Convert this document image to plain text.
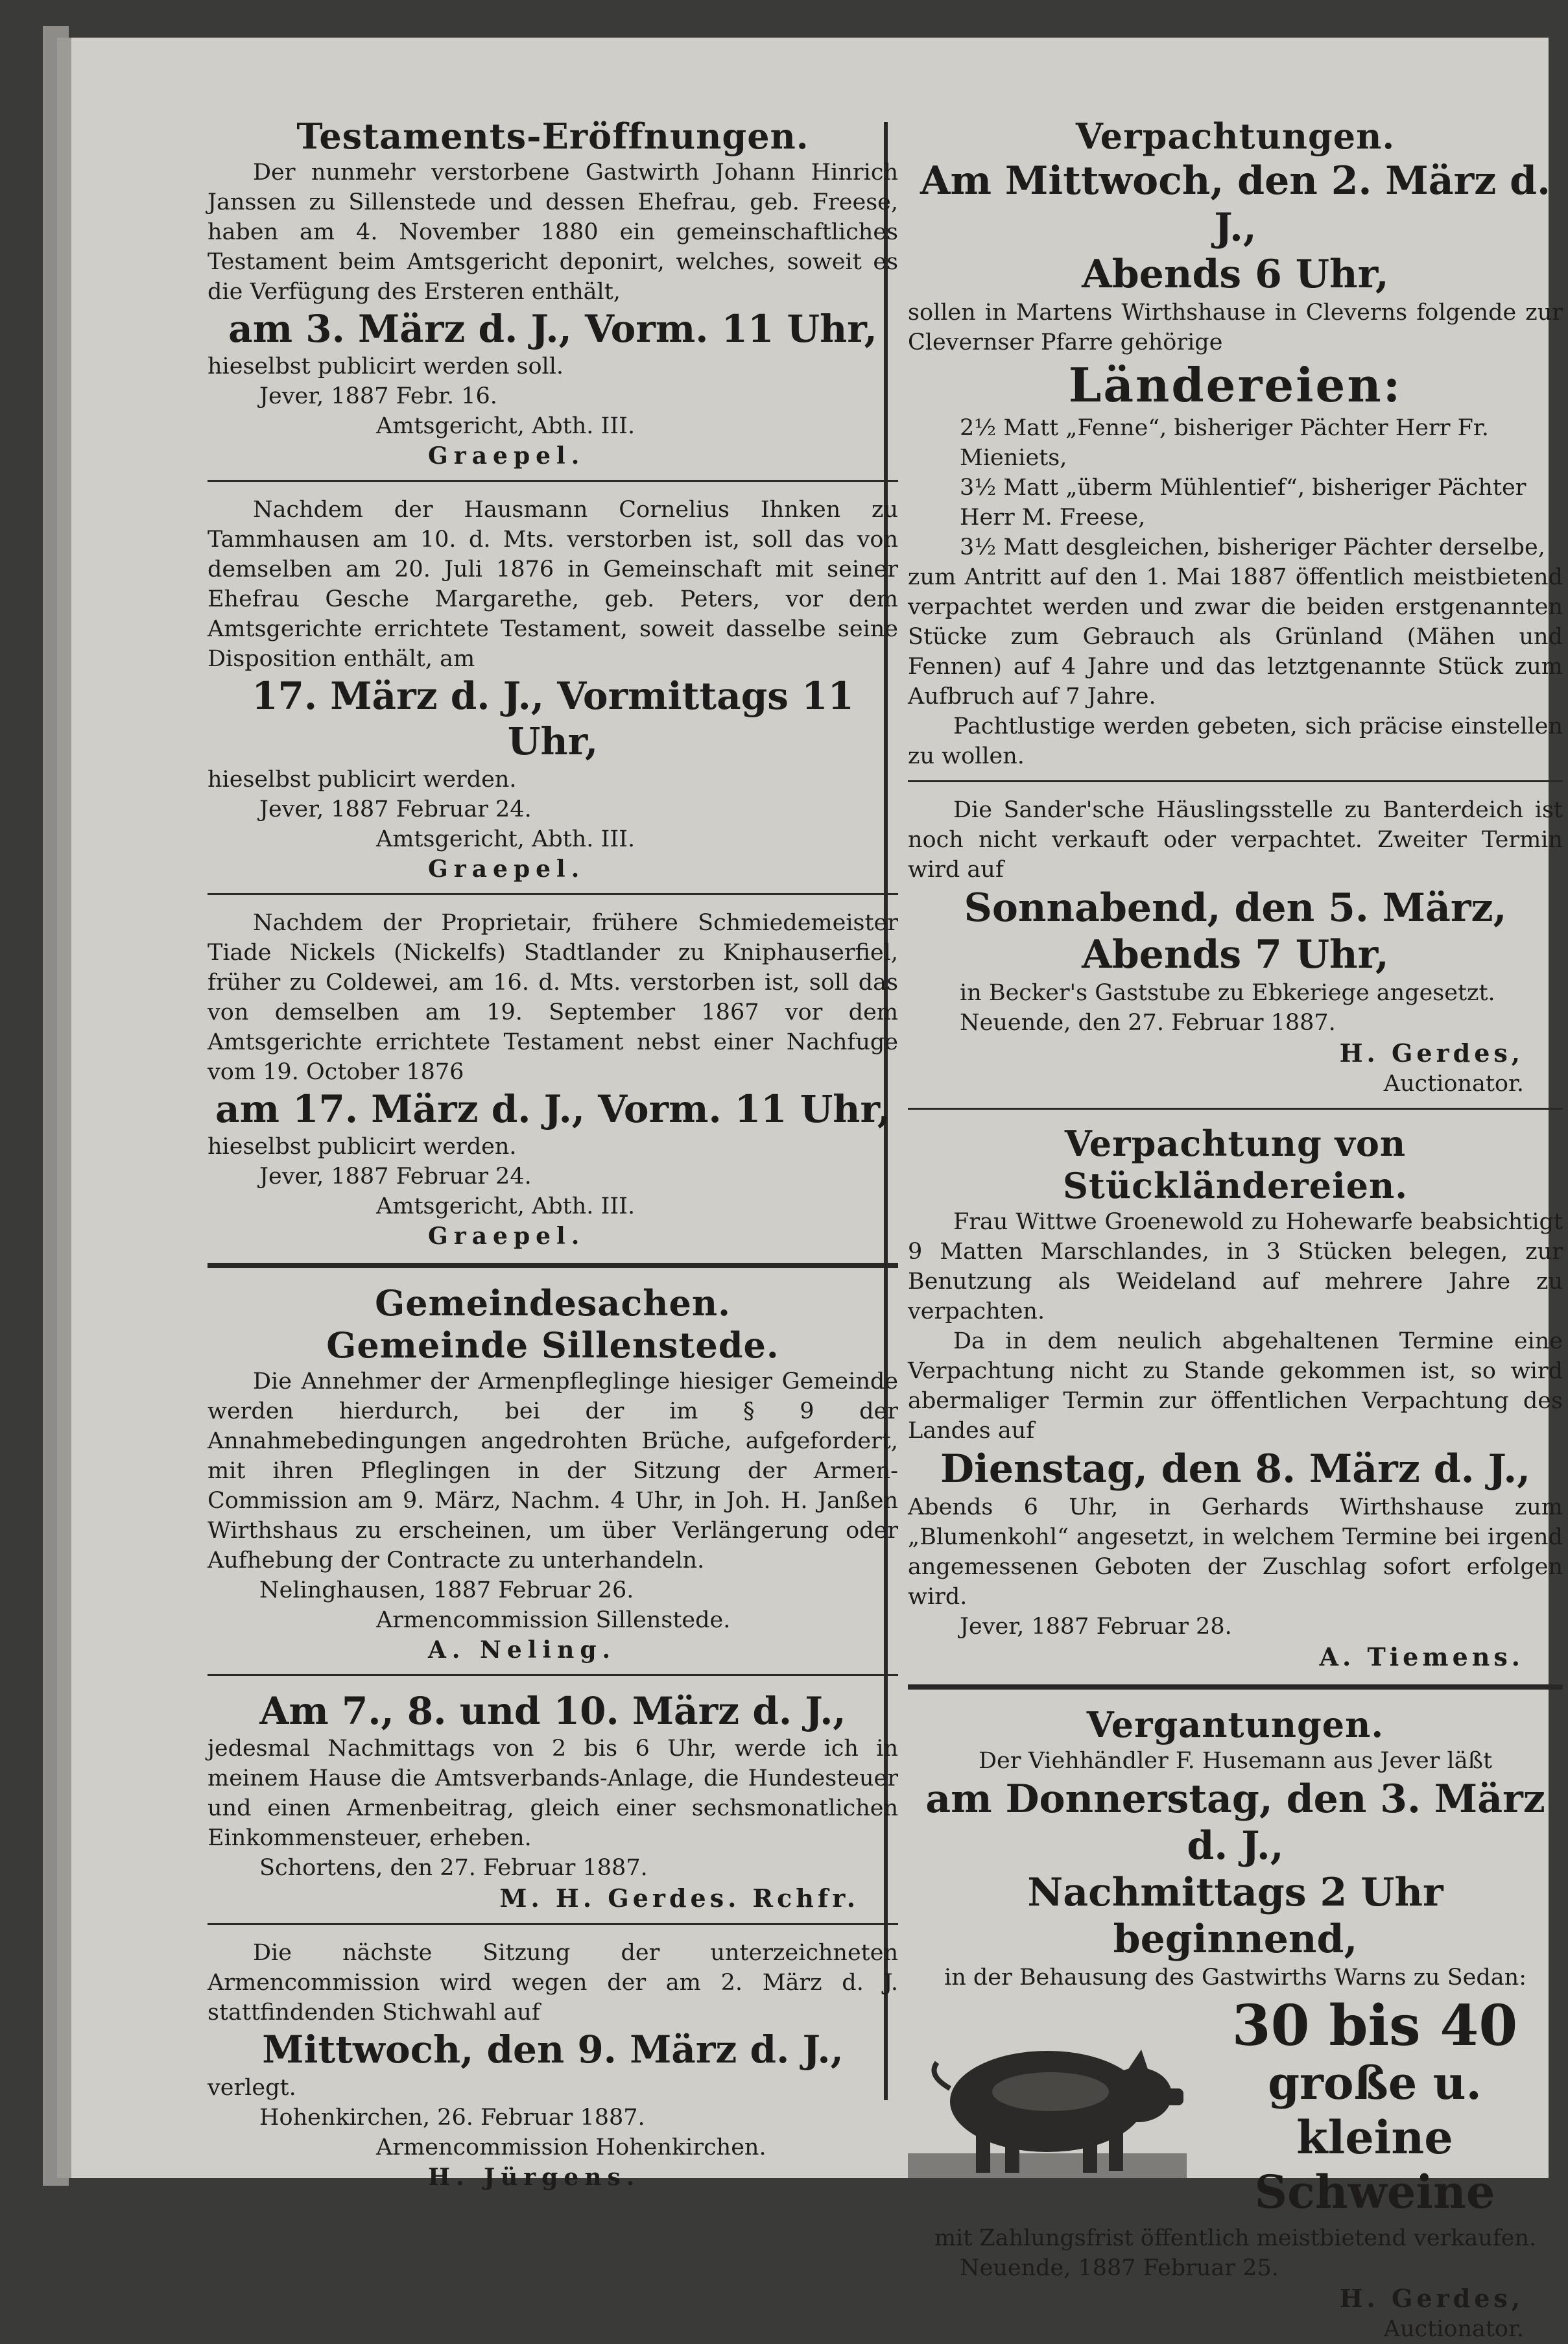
Testaments-Eröffnungen.

Der nunmehr verstorbene Gastwirth Johann Hinrich Janssen zu Sillenstede und dessen Ehefrau, geb. Freese, haben am 4. November 1880 ein gemeinschaftliches Testament beim Amtsgericht deponirt, welches, soweit es die Verfügung des Ersteren enthält,

am 3. März d. J., Vorm. 11 Uhr,

hieselbst publicirt werden soll.

Jever, 1887 Febr. 16.

Amtsgericht, Abth. III.

Graepel.

Nachdem der Hausmann Cornelius Ihnken zu Tammhausen am 10. d. Mts. verstorben ist, soll das von demselben am 20. Juli 1876 in Gemeinschaft mit seiner Ehefrau Gesche Margarethe, geb. Peters, vor dem Amtsgerichte errichtete Testament, soweit dasselbe seine Disposition enthält, am

17. März d. J., Vormittags 11 Uhr,

hieselbst publicirt werden.

Jever, 1887 Februar 24.

Amtsgericht, Abth. III.

Graepel.

Nachdem der Proprietair, frühere Schmiedemeister Tiade Nickels (Nickelfs) Stadtlander zu Kniphauserfiel, früher zu Coldewei, am 16. d. Mts. verstorben ist, soll das von demselben am 19. September 1867 vor dem Amtsgerichte errichtete Testament nebst einer Nachfuge vom 19. October 1876

am 17. März d. J., Vorm. 11 Uhr,

hieselbst publicirt werden.

Jever, 1887 Februar 24.

Amtsgericht, Abth. III.

Graepel.

Gemeindesachen.
Gemeinde Sillenstede.

Die Annehmer der Armenpfleglinge hiesiger Gemeinde werden hierdurch, bei der im § 9 der Annahmebedingungen angedrohten Brüche, aufgefordert, mit ihren Pfleglingen in der Sitzung der Armen-Commission am 9. März, Nachm. 4 Uhr, in Joh. H. Janßen Wirthshaus zu erscheinen, um über Verlängerung oder Aufhebung der Contracte zu unterhandeln.

Nelinghausen, 1887 Februar 26.

Armencommission Sillenstede.

A. Neling.

Am 7., 8. und 10. März d. J.,

jedesmal Nachmittags von 2 bis 6 Uhr, werde ich in meinem Hause die Amtsverbands-Anlage, die Hundesteuer und einen Armenbeitrag, gleich einer sechsmonatlichen Einkommensteuer, erheben.

Schortens, den 27. Februar 1887.

M. H. Gerdes. Rchfr.

Die nächste Sitzung der unterzeichneten Armencommission wird wegen der am 2. März d. J. stattfindenden Stichwahl auf

Mittwoch, den 9. März d. J.,

verlegt.

Hohenkirchen, 26. Februar 1887.

Armencommission Hohenkirchen.

H. Jürgens.

Verpachtungen.

Am Mittwoch, den 2. März d. J.,

Abends 6 Uhr,

sollen in Martens Wirthshause in Cleverns folgende zur Clevernser Pfarre gehörige

Ländereien:

2½ Matt „Fenne“, bisheriger Pächter Herr Fr. Mieniets,

3½ Matt „überm Mühlentief“, bisheriger Pächter Herr M. Freese,

3½ Matt desgleichen, bisheriger Pächter derselbe,

zum Antritt auf den 1. Mai 1887 öffentlich meistbietend verpachtet werden und zwar die beiden erstgenannten Stücke zum Gebrauch als Grünland (Mähen und Fennen) auf 4 Jahre und das letztgenannte Stück zum Aufbruch auf 7 Jahre.

Pachtlustige werden gebeten, sich präcise einstellen zu wollen.

Die Sander'sche Häuslingsstelle zu Banterdeich ist noch nicht verkauft oder verpachtet. Zweiter Termin wird auf

Sonnabend, den 5. März,

Abends 7 Uhr,

in Becker's Gaststube zu Ebkeriege angesetzt.

Neuende, den 27. Februar 1887.

H. Gerdes,

Auctionator.

Verpachtung von Stückländereien.

Frau Wittwe Groenewold zu Hohewarfe beabsichtigt 9 Matten Marschlandes, in 3 Stücken belegen, zur Benutzung als Weideland auf mehrere Jahre zu verpachten.

Da in dem neulich abgehaltenen Termine eine Verpachtung nicht zu Stande gekommen ist, so wird abermaliger Termin zur öffentlichen Verpachtung des Landes auf

Dienstag, den 8. März d. J.,

Abends 6 Uhr, in Gerhards Wirthshause zum „Blumenkohl“ angesetzt, in welchem Termine bei irgend angemessenen Geboten der Zuschlag sofort erfolgen wird.

Jever, 1887 Februar 28.

A. Tiemens.

Vergantungen.

Der Viehhändler F. Husemann aus Jever läßt

am Donnerstag, den 3. März d. J.,

Nachmittags 2 Uhr beginnend,

in der Behausung des Gastwirths Warns zu Sedan:

30 bis 40
große u. kleine
Schweine

mit Zahlungsfrist öffentlich meistbietend verkaufen.

Neuende, 1887 Februar 25.

H. Gerdes,

Auctionator.
